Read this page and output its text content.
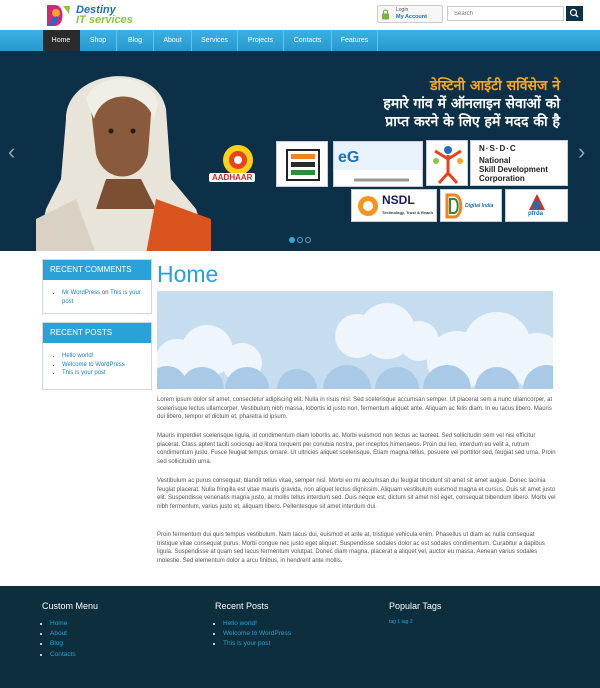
Destiny
IT services
Login
My Account
Search
Home	Shop	Blog	About	Services	Projects	Contacts	Features
‹	›
डेस्टिनी आईटी सर्विसेज ने
हमारे गांव में ऑनलाइन सेवाओं को
प्राप्त करने के लिए हमें मदद की है
AADHAAR
eG
N·S·D·C
National
Skill Development
Corporation
NSDL
Technology, Trust & Reach
Digital India
pfrda
RECENT COMMENTS
• Mr WordPress on This is your post
RECENT POSTS
• Hello world!
• Welcome to WordPress
• This is your post
Home

Lorem ipsum dolor sit amet, consectetur adipiscing elit. Nulla in risus nisl. Sed scelerisque accumsan semper. Ut placerat sem a nunc ullamcorper, at scelerisque lectus ullamcorper. Vestibulum nibh massa, lobortis id justo non, fermentum aliquet ante. Aliquam ac felis diam. In eu lacus libero. Mauris dui libero, tempor et dictum et, pharetra id ipsum.

Mauris imperdiet scelerisque ligula, id condimentum diam lobortis ac. Morbi euismod non lectus ac laoreet. Sed sollicitudin sem vel nisi efficitur placerat. Class aptent taciti sociosqu ad litora torquent per conubia nostra, per inceptos himenaeos. Proin dui leo, interdum eu velit a, rutrum condimentum justo. Fusce feugiat tempus ornare. Ut ultricies aliquet scelerisque. Etiam magna tellus, posuere vel porttitor sed, feugiat sed urna. Proin sed sollicitudin urna.

Vestibulum ac purus consequat, blandit tellus vitae, semper nisl. Morbi eu mi accumsan dui feugiat tincidunt sit amet sit amet augue. Donec lacinia feugiat placerat. Nulla fringilla est vitae mauris gravida, non aliquet lectus dignissim. Aliquam vestibulum euismod magna et cursus. Duis sit amet justo elit. Suspendisse venenatis magna justo, at mollis tellus interdum sed. Duis neque est, dictum sit amet nisl eget, consequat bibendum libero. Morbi vel nibh fermentum, varius justo et, aliquam libero. Pellentesque sit amet interdum dui.

Proin fermentum dui quis tempus vestibulum. Nam lacus dui, euismod et ante at, tristique vehicula enim. Phasellus ut diam ac nulla consequat tristique vitae consequat purus. Morbi congue nec justo eget aliquet. Suspendisse sodales dolor ac est sodales condimentum. Curabitur a dapibus ligula. Suspendisse at quam sed lacus fermentum volutpat. Donec diam magna, placerat a aliquet vel, auctor eu massa. Aenean varius sodales molestie. Sed elementum dolor a arcu finibus, in hendrerit ante mollis.

Custom Menu
• Home
• About
• Blog
• Contacts
Recent Posts
• Hello world!
• Welcome to WordPress
• This is your post
Popular Tags
tag 1 tag 2
